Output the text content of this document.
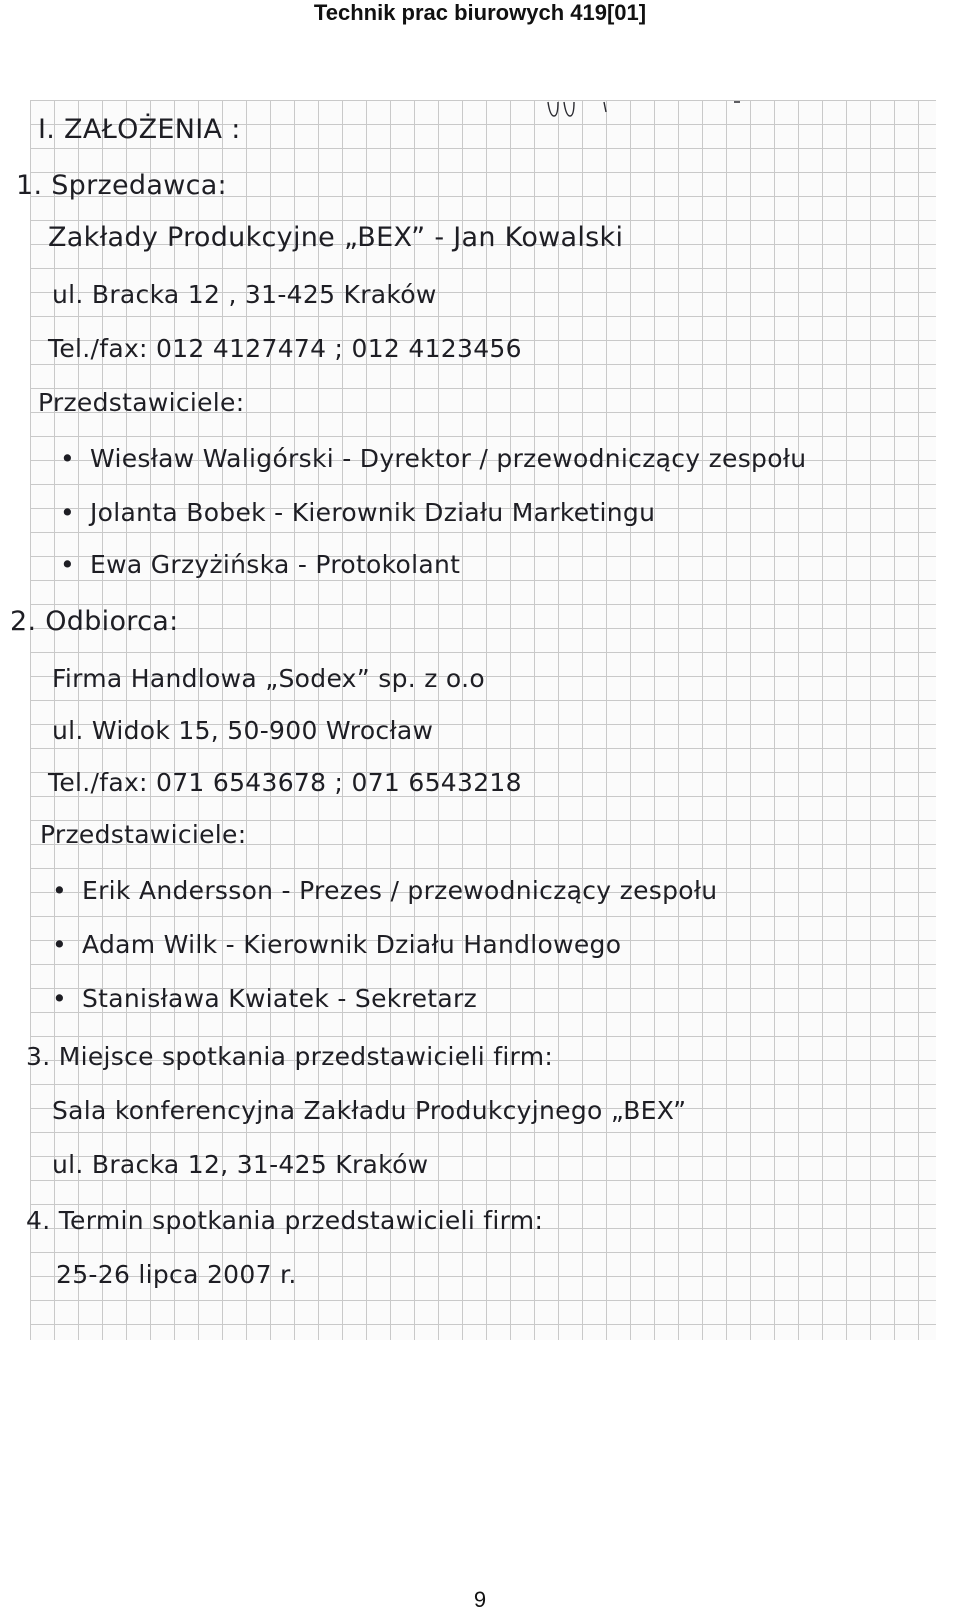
Technik prac biurowych 419[01]

I. ZAŁOŻENIA :

1. Sprzedawca:

Zakłady Produkcyjne „BEX” - Jan Kowalski

ul. Bracka 12 , 31-425 Kraków

Tel./fax: 012 4127474 ; 012 4123456

Przedstawiciele:

• Wiesław Waligórski - Dyrektor / przewodniczący zespołu

• Jolanta Bobek - Kierownik Działu Marketingu

• Ewa Grzyżińska - Protokolant

2. Odbiorca:

Firma Handlowa „Sodex” sp. z o.o

ul. Widok 15, 50-900 Wrocław

Tel./fax: 071 6543678 ; 071 6543218

Przedstawiciele:

• Erik Andersson - Prezes / przewodniczący zespołu

• Adam Wilk - Kierownik Działu Handlowego

• Stanisława Kwiatek - Sekretarz

3. Miejsce spotkania przedstawicieli firm:

Sala konferencyjna Zakładu Produkcyjnego „BEX”

ul. Bracka 12, 31-425 Kraków

4. Termin spotkania przedstawicieli firm:

25-26 lipca 2007 r.

9
